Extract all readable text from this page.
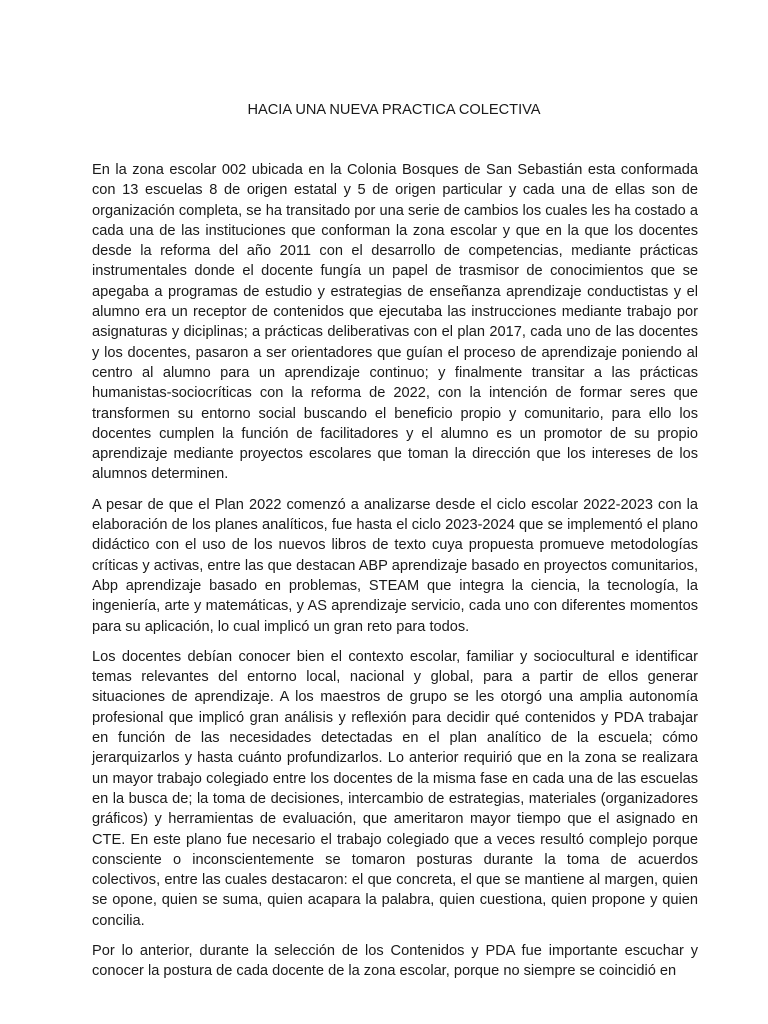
HACIA UNA NUEVA PRACTICA COLECTIVA

En la zona escolar 002 ubicada en la Colonia Bosques de San Sebastián esta conformada con 13 escuelas 8 de origen estatal y 5 de origen particular y cada una de ellas son de organización completa, se ha transitado por una serie de cambios los cuales les ha costado a cada una de las instituciones que conforman la zona escolar y que en la que los docentes desde la reforma del año 2011 con el desarrollo de competencias, mediante prácticas instrumentales donde el docente fungía un papel de trasmisor de conocimientos que se apegaba a programas de estudio y estrategias de enseñanza aprendizaje conductistas y el alumno era un receptor de contenidos que ejecutaba las instrucciones mediante trabajo por asignaturas y diciplinas; a prácticas deliberativas con el plan 2017, cada uno de las docentes y los docentes, pasaron a ser orientadores que guían el proceso de aprendizaje poniendo al centro al alumno para un aprendizaje continuo; y finalmente transitar a las prácticas humanistas-sociocríticas con la reforma de 2022, con la intención de formar seres que transformen su entorno social buscando el beneficio propio y comunitario, para ello los docentes cumplen la función de facilitadores y el alumno es un promotor de su propio aprendizaje mediante proyectos escolares que toman la dirección que los intereses de los alumnos determinen.

A pesar de que el Plan 2022 comenzó a analizarse desde el ciclo escolar 2022-2023 con la elaboración de los planes analíticos, fue hasta el ciclo 2023-2024 que se implementó el plano didáctico con el uso de los nuevos libros de texto cuya propuesta promueve metodologías críticas y activas, entre las que destacan ABP aprendizaje basado en proyectos comunitarios, Abp aprendizaje basado en problemas, STEAM que integra la ciencia, la tecnología, la ingeniería, arte y matemáticas, y AS aprendizaje servicio, cada uno con diferentes momentos para su aplicación, lo cual implicó un gran reto para todos.

Los docentes debían conocer bien el contexto escolar, familiar y sociocultural e identificar temas relevantes del entorno local, nacional y global, para a partir de ellos generar situaciones de aprendizaje. A los maestros de grupo se les otorgó una amplia autonomía profesional que implicó gran análisis y reflexión para decidir qué contenidos y PDA trabajar en función de las necesidades detectadas en el plan analítico de la escuela; cómo jerarquizarlos y hasta cuánto profundizarlos. Lo anterior requirió que en la zona se realizara un mayor trabajo colegiado entre los docentes de la misma fase en cada una de las escuelas en la busca de; la toma de decisiones, intercambio de estrategias, materiales (organizadores gráficos) y herramientas de evaluación, que ameritaron mayor tiempo que el asignado en CTE. En este plano fue necesario el trabajo colegiado que a veces resultó complejo porque consciente o inconscientemente se tomaron posturas durante la toma de acuerdos colectivos, entre las cuales destacaron: el que concreta, el que se mantiene al margen, quien se opone, quien se suma, quien acapara la palabra, quien cuestiona, quien propone y quien concilia.

Por lo anterior, durante la selección de los Contenidos y PDA fue importante escuchar y conocer la postura de cada docente de la zona escolar, porque no siempre se coincidió en
